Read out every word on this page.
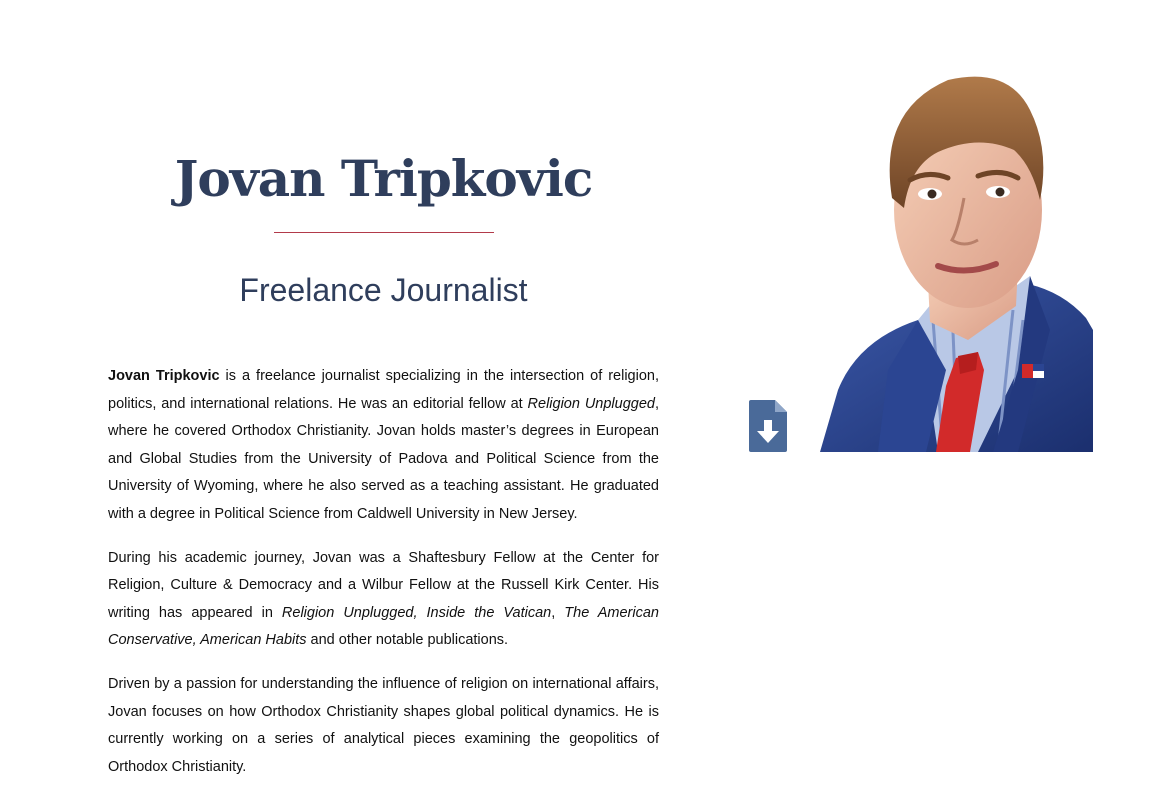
Jovan Tripkovic
Freelance Journalist

Jovan Tripkovic is a freelance journalist specializing in the intersection of religion, politics, and international relations. He was an editorial fellow at Religion Unplugged, where he covered Orthodox Christianity. Jovan holds master’s degrees in European and Global Studies from the University of Padova and Political Science from the University of Wyoming, where he also served as a teaching assistant. He graduated with a degree in Political Science from Caldwell University in New Jersey.

During his academic journey, Jovan was a Shaftesbury Fellow at the Center for Religion, Culture & Democracy and a Wilbur Fellow at the Russell Kirk Center. His writing has appeared in Religion Unplugged, Inside the Vatican, The American Conservative, American Habits and other notable publications.

Driven by a passion for understanding the influence of religion on international affairs, Jovan focuses on how Orthodox Christianity shapes global political dynamics. He is currently working on a series of analytical pieces examining the geopolitics of Orthodox Christianity.
